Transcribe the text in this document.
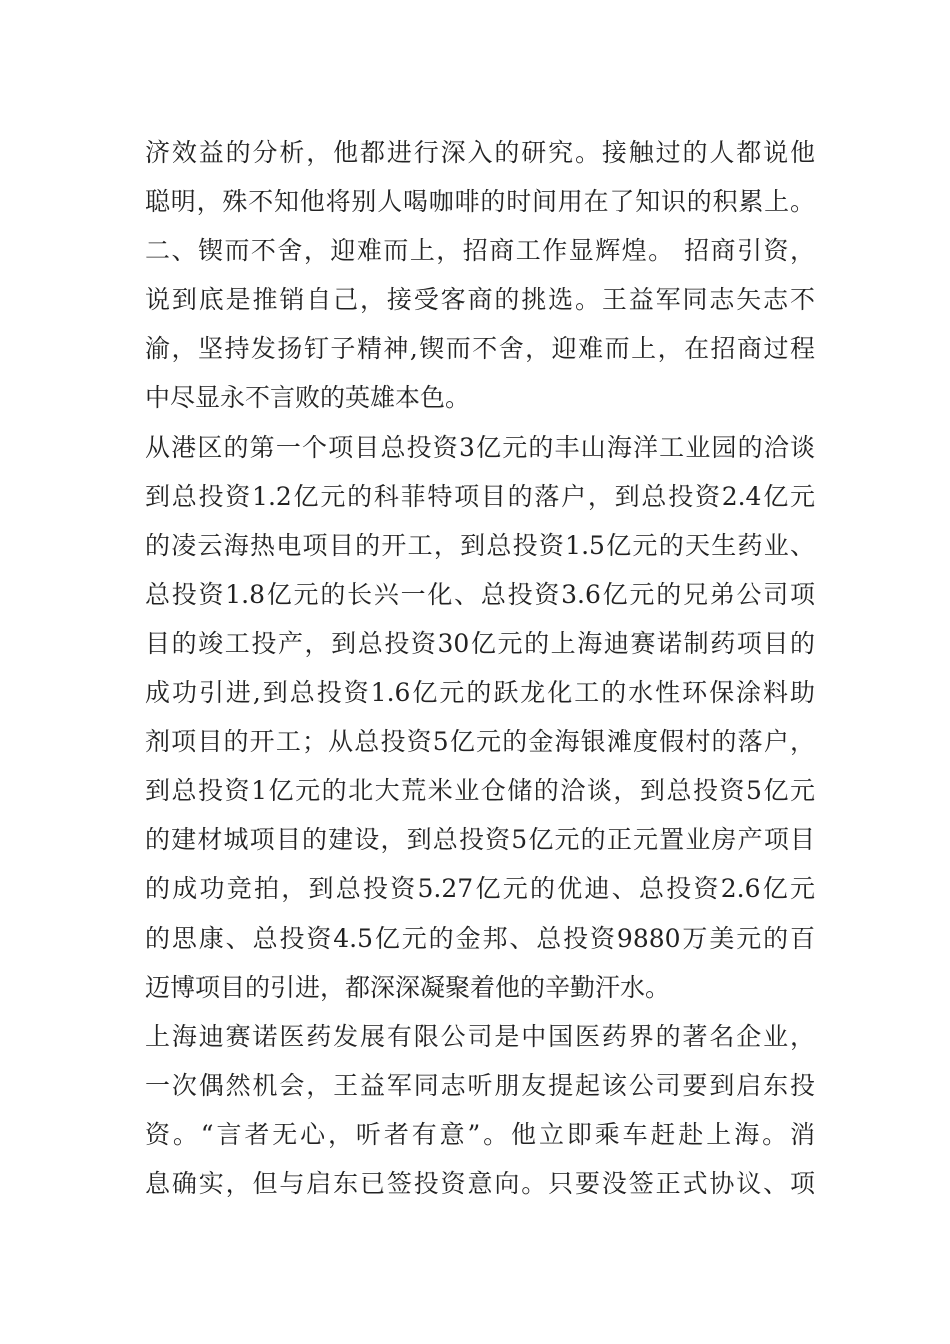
济效益的分析，他都进行深入的研究。接触过的人都说他
聪明，殊不知他将别人喝咖啡的时间用在了知识的积累上。
二、锲而不舍，迎难而上，招商工作显辉煌。 招商引资，
说到底是推销自己，接受客商的挑选。王益军同志矢志不
渝，坚持发扬钉子精神,锲而不舍，迎难而上，在招商过程
中尽显永不言败的英雄本色。
从港区的第一个项目总投资3亿元的丰山海洋工业园的洽谈
到总投资1.2亿元的科菲特项目的落户，到总投资2.4亿元
的凌云海热电项目的开工，到总投资1.5亿元的天生药业、
总投资1.8亿元的长兴一化、总投资3.6亿元的兄弟公司项
目的竣工投产，到总投资30亿元的上海迪赛诺制药项目的
成功引进,到总投资1.6亿元的跃龙化工的水性环保涂料助
剂项目的开工；从总投资5亿元的金海银滩度假村的落户，
到总投资1亿元的北大荒米业仓储的洽谈，到总投资5亿元
的建材城项目的建设，到总投资5亿元的正元置业房产项目
的成功竞拍，到总投资5.27亿元的优迪、总投资2.6亿元
的思康、总投资4.5亿元的金邦、总投资9880万美元的百
迈博项目的引进，都深深凝聚着他的辛勤汗水。
上海迪赛诺医药发展有限公司是中国医药界的著名企业，
一次偶然机会，王益军同志听朋友提起该公司要到启东投
资。“言者无心，听者有意”。他立即乘车赶赴上海。消
息确实，但与启东已签投资意向。只要没签正式协议、项
